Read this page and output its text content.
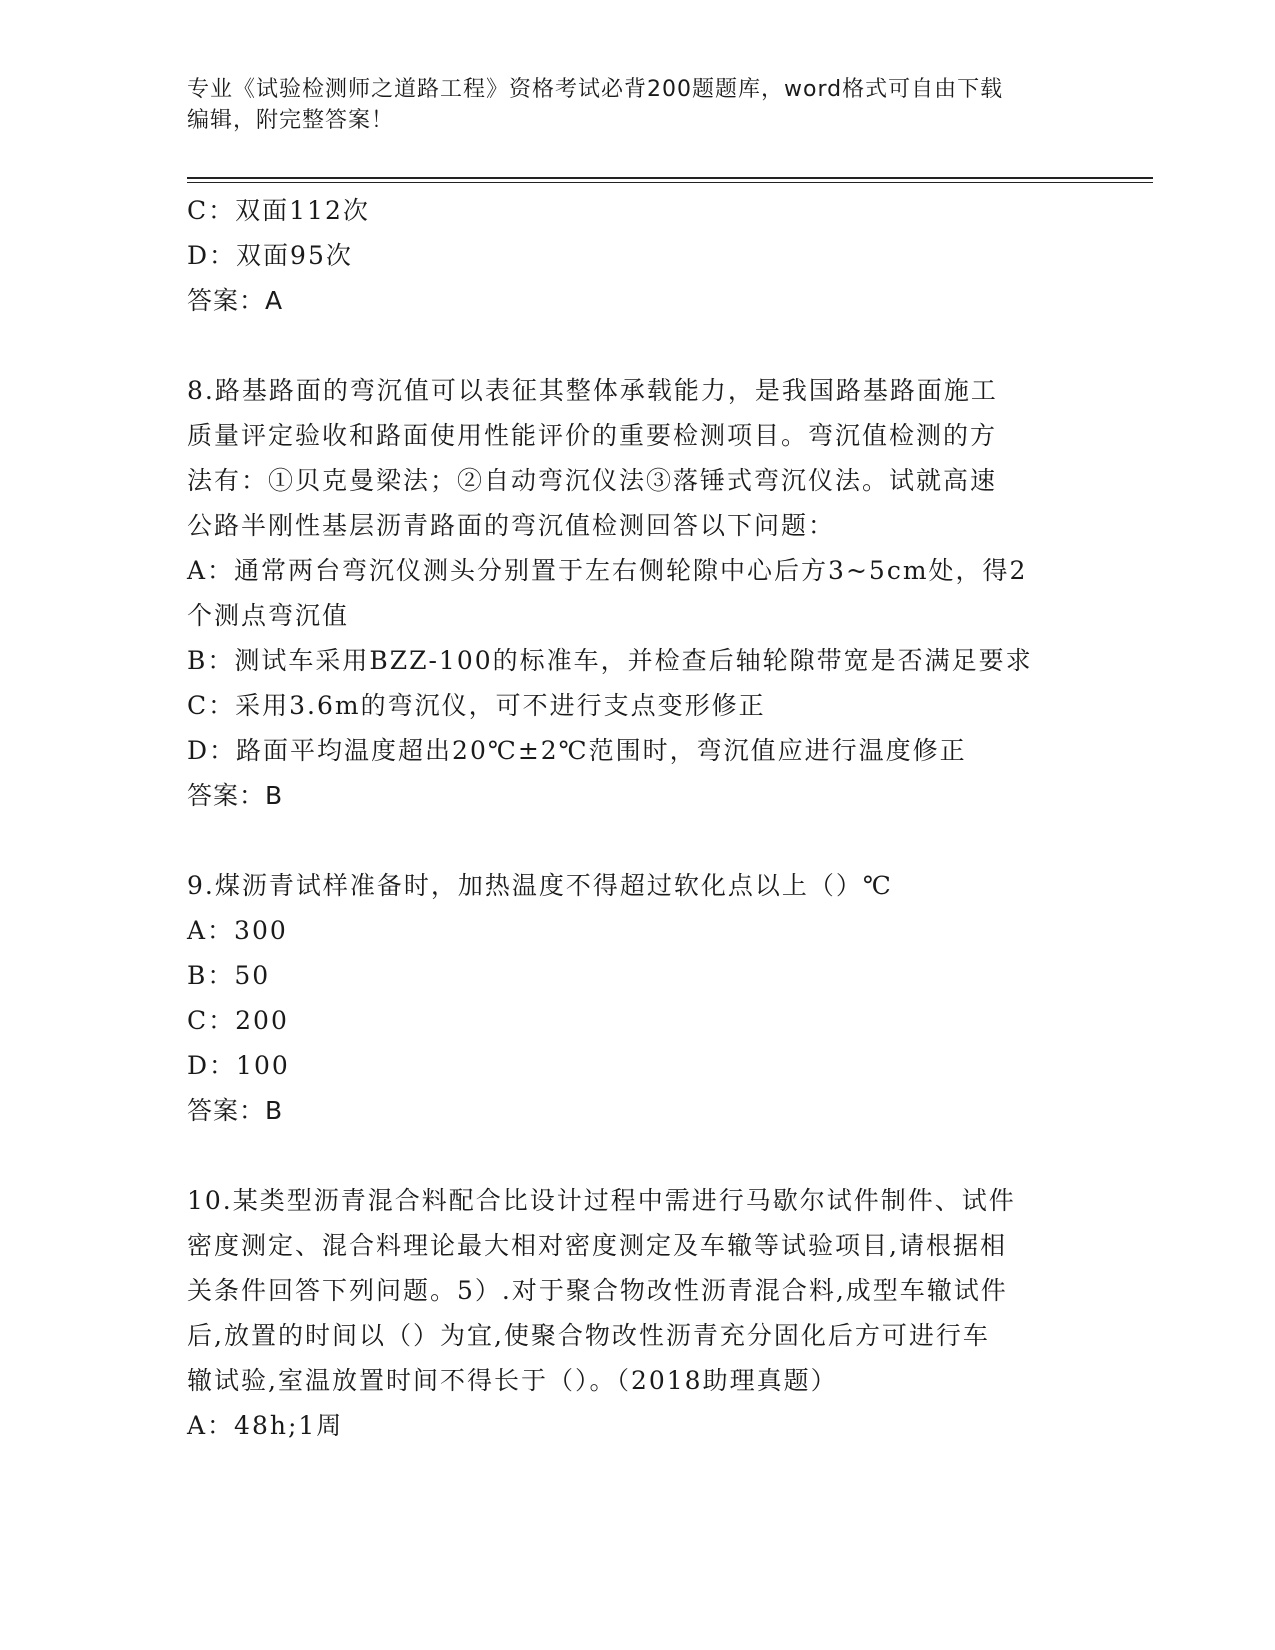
专业《试验检测师之道路工程》资格考试必背200题题库，word格式可自由下载
编辑，附完整答案！
C：双面112次
D：双面95次
答案：A
8.路基路面的弯沉值可以表征其整体承载能力，是我国路基路面施工
质量评定验收和路面使用性能评价的重要检测项目。弯沉值检测的方
法有：①贝克曼梁法；②自动弯沉仪法③落锤式弯沉仪法。试就高速
公路半刚性基层沥青路面的弯沉值检测回答以下问题：
A：通常两台弯沉仪测头分别置于左右侧轮隙中心后方3~5cm处，得2
个测点弯沉值
B：测试车采用BZZ-100的标准车，并检查后轴轮隙带宽是否满足要求
C：采用3.6m的弯沉仪，可不进行支点变形修正
D：路面平均温度超出20℃±2℃范围时，弯沉值应进行温度修正
答案：B
9.煤沥青试样准备时，加热温度不得超过软化点以上（）℃
A：300
B：50
C：200
D：100
答案：B
10.某类型沥青混合料配合比设计过程中需进行马歇尔试件制件、试件
密度测定、混合料理论最大相对密度测定及车辙等试验项目,请根据相
关条件回答下列问题。5）.对于聚合物改性沥青混合料,成型车辙试件
后,放置的时间以（）为宜,使聚合物改性沥青充分固化后方可进行车
辙试验,室温放置时间不得长于（）。（2018助理真题）
A：48h;1周
